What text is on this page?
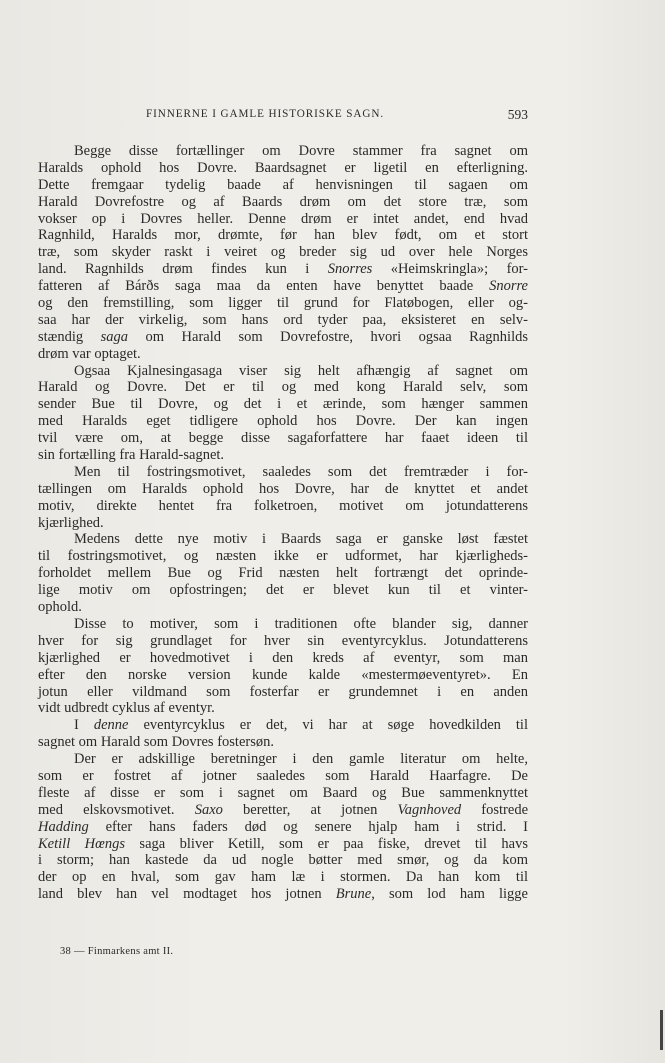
FINNERNE I GAMLE HISTORISKE SAGN.	593
Begge disse fortællinger om Dovre stammer fra sagnet om
Haralds ophold hos Dovre. Baardsagnet er ligetil en efterligning.
Dette fremgaar tydelig baade af henvisningen til sagaen om
Harald Dovrefostre og af Baards drøm om det store træ, som
vokser op i Dovres heller. Denne drøm er intet andet, end hvad
Ragnhild, Haralds mor, drømte, før han blev født, om et stort
træ, som skyder raskt i veiret og breder sig ud over hele Norges
land. Ragnhilds drøm findes kun i Snorres «Heimskringla»; for-
fatteren af Bárðs saga maa da enten have benyttet baade Snorre
og den fremstilling, som ligger til grund for Flatøbogen, eller og-
saa har der virkelig, som hans ord tyder paa, eksisteret en selv-
stændig saga om Harald som Dovrefostre, hvori ogsaa Ragnhilds
drøm var optaget.
Ogsaa Kjalnesingasaga viser sig helt afhængig af sagnet om
Harald og Dovre. Det er til og med kong Harald selv, som
sender Bue til Dovre, og det i et ærinde, som hænger sammen
med Haralds eget tidligere ophold hos Dovre. Der kan ingen
tvil være om, at begge disse sagaforfattere har faaet ideen til
sin fortælling fra Harald-sagnet.
Men til fostringsmotivet, saaledes som det fremtræder i for-
tællingen om Haralds ophold hos Dovre, har de knyttet et andet
motiv, direkte hentet fra folketroen, motivet om jotundatterens
kjærlighed.
Medens dette nye motiv i Baards saga er ganske løst fæstet
til fostringsmotivet, og næsten ikke er udformet, har kjærligheds-
forholdet mellem Bue og Frid næsten helt fortrængt det oprinde-
lige motiv om opfostringen; det er blevet kun til et vinter-
ophold.
Disse to motiver, som i traditionen ofte blander sig, danner
hver for sig grundlaget for hver sin eventyrcyklus. Jotundatterens
kjærlighed er hovedmotivet i den kreds af eventyr, som man
efter den norske version kunde kalde «mestermøeventyret». En
jotun eller vildmand som fosterfar er grundemnet i en anden
vidt udbredt cyklus af eventyr.
I denne eventyrcyklus er det, vi har at søge hovedkilden til
sagnet om Harald som Dovres fostersøn.
Der er adskillige beretninger i den gamle literatur om helte,
som er fostret af jotner saaledes som Harald Haarfagre. De
fleste af disse er som i sagnet om Baard og Bue sammenknyttet
med elskovsmotivet. Saxo beretter, at jotnen Vagnhoved fostrede
Hadding efter hans faders død og senere hjalp ham i strid. I
Ketill Hœngs saga bliver Ketill, som er paa fiske, drevet til havs
i storm; han kastede da ud nogle bøtter med smør, og da kom
der op en hval, som gav ham læ i stormen. Da han kom til
land blev han vel modtaget hos jotnen Brune, som lod ham ligge
38 — Finmarkens amt II.
